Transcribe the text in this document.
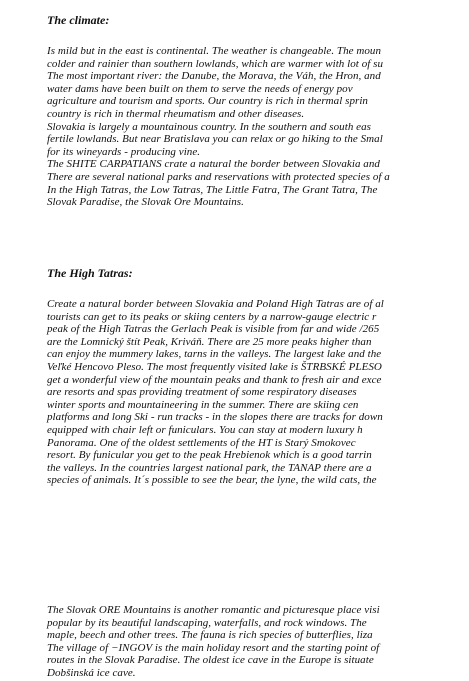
The climate:
Is mild but in the east is continental. The weather is changeable. The moun
colder and rainier than southern lowlands, which are warmer with lot of su
The most important river: the Danube, the Morava, the Váh, the Hron, and
water dams have been built on them to serve the needs of energy pov
agriculture and tourism and sports. Our country is rich in thermal sprin
country is rich in thermal rheumatism and other diseases.
Slovakia is largely a mountainous country. In the southern and south eas
fertile lowlands. But near Bratislava you can relax or go hiking to the Smal
for its wineyards - producing vine.
The SHITE CARPATIANS crate a natural the border between Slovakia and
There are several national parks and reservations with protected species of a
In the High Tatras, the Low Tatras, The Little Fatra, The Grant Tatra, The
Slovak Paradise, the Slovak Ore Mountains.
The High Tatras:
Create a natural border between Slovakia and Poland High Tatras are of al
tourists can get to its peaks or skiing centers by a narrow-gauge electric r
peak of the High Tatras the Gerlach Peak is visible from far and wide /265
are the Lomnický štít Peak, Kriváň. There are 25 more peaks higher than
can enjoy the mummery lakes, tarns in the valleys. The largest lake and the
Veľké Hencovo Pleso. The most frequently visited lake is ŠTRBSKÉ PLESO
get a wonderful view of the mountain peaks and thank to fresh air and exce
are resorts and spas providing treatment of some respiratory diseases
winter sports and mountaineering in the summer. There are skiing cen
platforms and long Ski - run tracks - in the slopes there are tracks for down
equipped with chair left or funiculars. You can stay at modern luxury h
Panorama. One of the oldest settlements of the HT is Starý Smokovec
resort. By funicular you get to the peak Hrebienok which is a good tarrin
the valleys. In the countries largest national park, the TANAP there are a
species of animals. It´s possible to see the bear, the lyne, the wild cats, the
The Slovak ORE Mountains is another romantic and picturesque place visi
popular by its beautiful landscaping, waterfalls, and rock windows. The
maple, beech and other trees. The fauna is rich species of butterflies, liza
The village of −INGOV is the main holiday resort and the starting point of
routes in the Slovak Paradise. The oldest ice cave in the Europe is situate
Dobšinská ice cave.
